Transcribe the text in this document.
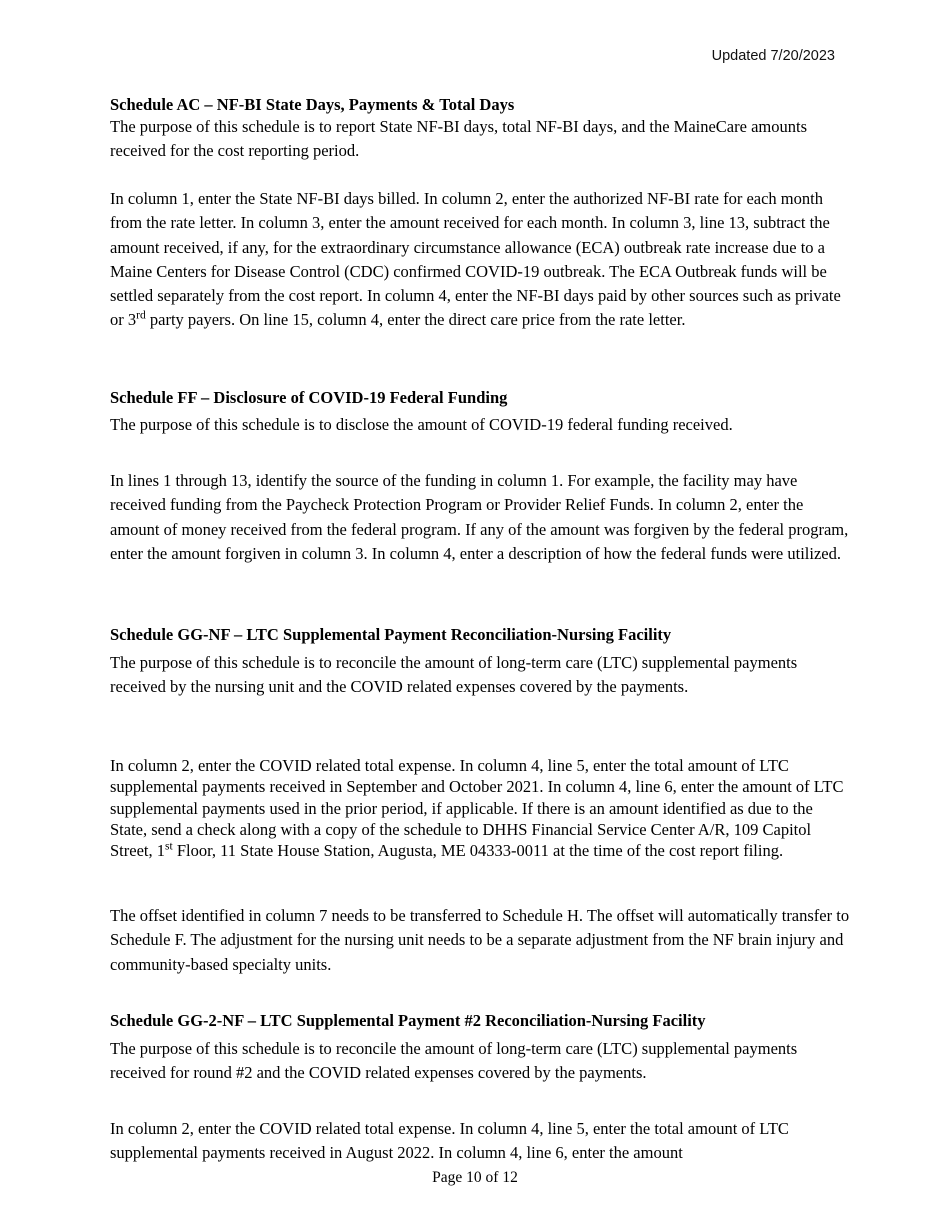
Updated 7/20/2023
Schedule AC – NF-BI State Days, Payments & Total Days

The purpose of this schedule is to report State NF-BI days, total NF-BI days, and the MaineCare amounts received for the cost reporting period.

In column 1, enter the State NF-BI days billed. In column 2, enter the authorized NF-BI rate for each month from the rate letter. In column 3, enter the amount received for each month. In column 3, line 13, subtract the amount received, if any, for the extraordinary circumstance allowance (ECA) outbreak rate increase due to a Maine Centers for Disease Control (CDC) confirmed COVID-19 outbreak. The ECA Outbreak funds will be settled separately from the cost report. In column 4, enter the NF-BI days paid by other sources such as private or 3rd party payers. On line 15, column 4, enter the direct care price from the rate letter.

Schedule FF – Disclosure of COVID-19 Federal Funding

The purpose of this schedule is to disclose the amount of COVID-19 federal funding received.

In lines 1 through 13, identify the source of the funding in column 1. For example, the facility may have received funding from the Paycheck Protection Program or Provider Relief Funds. In column 2, enter the amount of money received from the federal program. If any of the amount was forgiven by the federal program, enter the amount forgiven in column 3. In column 4, enter a description of how the federal funds were utilized.

Schedule GG-NF – LTC Supplemental Payment Reconciliation-Nursing Facility

The purpose of this schedule is to reconcile the amount of long-term care (LTC) supplemental payments received by the nursing unit and the COVID related expenses covered by the payments.

In column 2, enter the COVID related total expense. In column 4, line 5, enter the total amount of LTC supplemental payments received in September and October 2021. In column 4, line 6, enter the amount of LTC supplemental payments used in the prior period, if applicable. If there is an amount identified as due to the State, send a check along with a copy of the schedule to DHHS Financial Service Center A/R, 109 Capitol Street, 1st Floor, 11 State House Station, Augusta, ME 04333-0011 at the time of the cost report filing.

The offset identified in column 7 needs to be transferred to Schedule H. The offset will automatically transfer to Schedule F. The adjustment for the nursing unit needs to be a separate adjustment from the NF brain injury and community-based specialty units.

Schedule GG-2-NF – LTC Supplemental Payment #2 Reconciliation-Nursing Facility

The purpose of this schedule is to reconcile the amount of long-term care (LTC) supplemental payments received for round #2 and the COVID related expenses covered by the payments.

In column 2, enter the COVID related total expense. In column 4, line 5, enter the total amount of LTC supplemental payments received in August 2022. In column 4, line 6, enter the amount

Page 10 of 12
